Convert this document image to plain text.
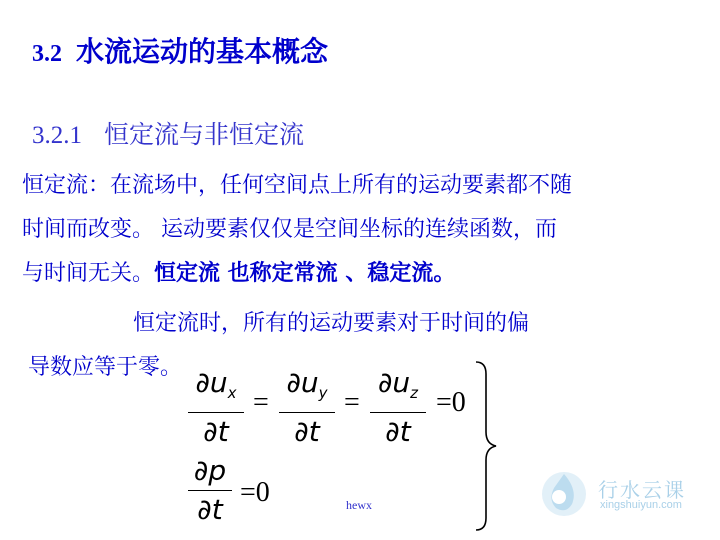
3.2 水流运动的基本概念
3.2.1 恒定流与非恒定流
恒定流：在流场中，任何空间点上所有的运动要素都不随
时间而改变。 运动要素仅仅是空间坐标的连续函数，而
与时间无关。恒定流 也称定常流 、稳定流。
恒定流时，所有的运动要素对于时间的偏
导数应等于零。 $\partial u_x$
∂t
=
$\partial u_y$
∂t
=
$\partial u_z$
∂t
=0
∂p
∂t
=0	hewx
行水云课
xingshuiyun.com
